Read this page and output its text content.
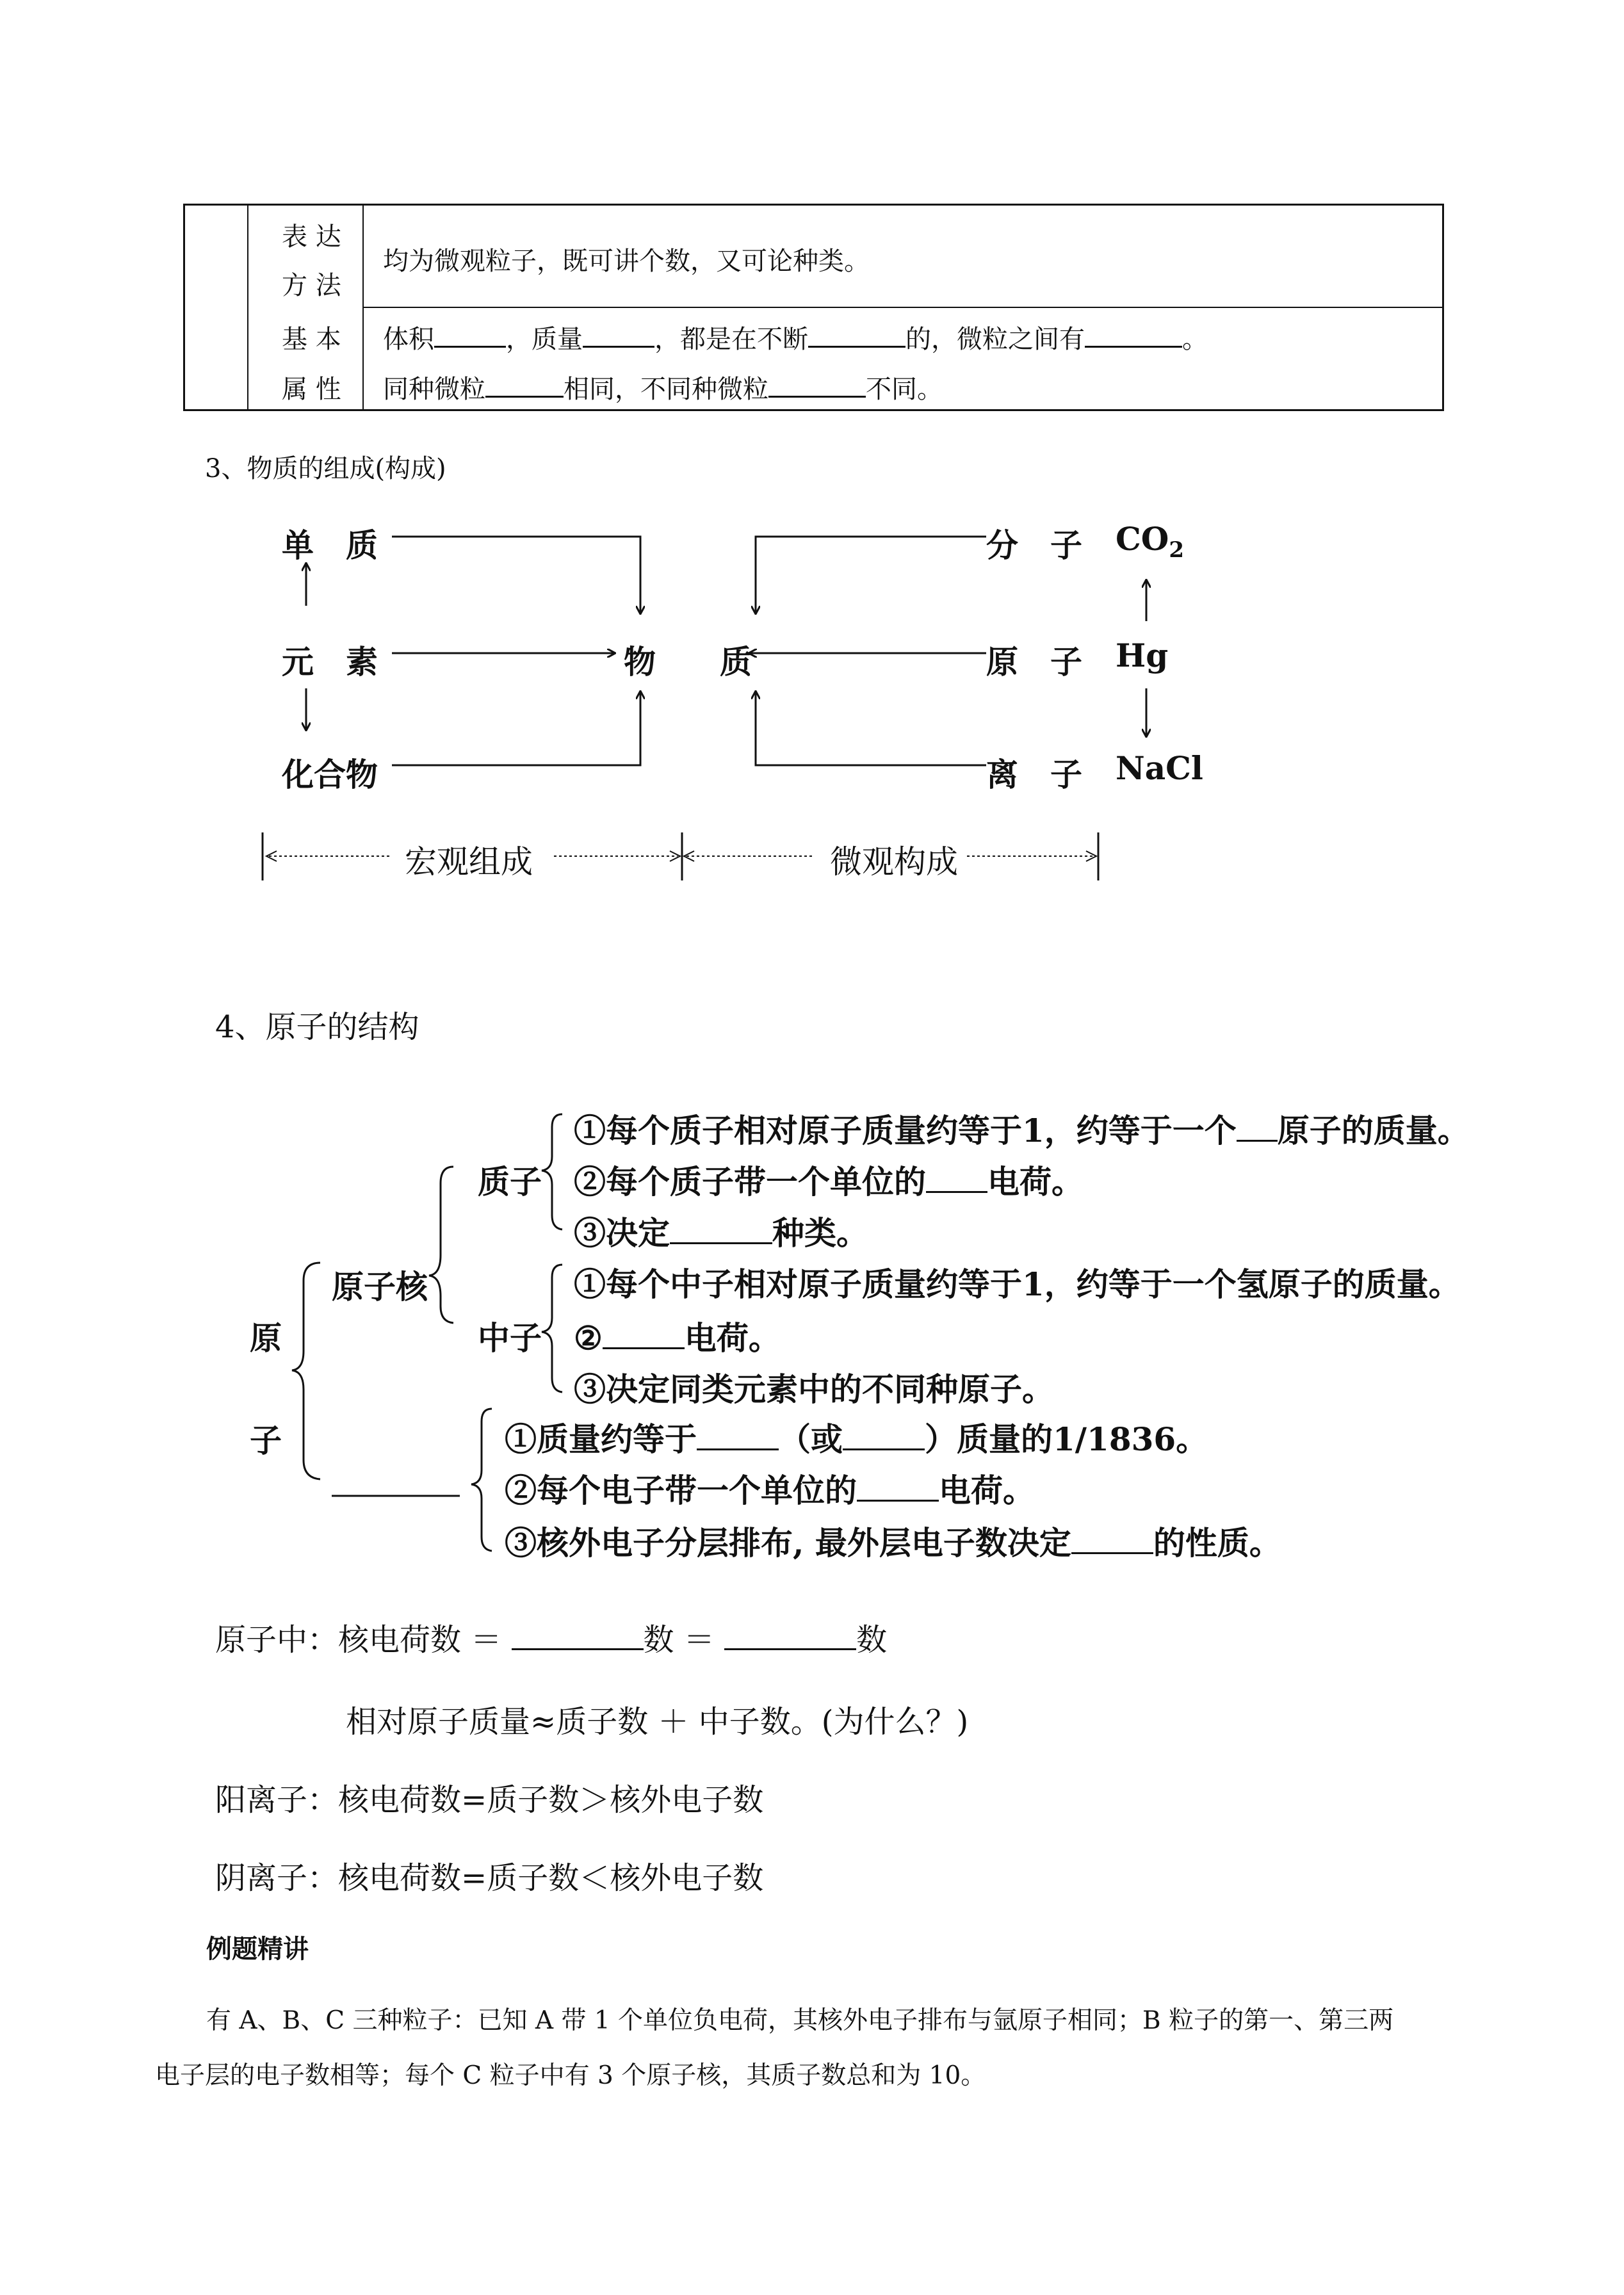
表 达
方 法
均为微观粒子，既可讲个数，又可论种类。
基 本
属 性
体积	，质量	，都是在不断	的，微粒之间有	。
同种微粒	相同，不同种微粒	不同。
3、物质的组成(构成)
单　质
元　素
化合物
物　　质
分　子
原　子
离　子
$CO_2$
Hg
NaCl
宏观组成	微观构成
4、原子的结构
原
子
原子核
质子
中子
①每个质子相对原子质量约等于1，约等于一个 原子的质量。
②每个质子带一个单位的 电荷。
③决定	种类。
①每个中子相对原子质量约等于1，约等于一个氢原子的质量。
②	电荷。
③决定同类元素中的不同种原子。
①质量约等于	（或	）质量的1/1836。
②每个电子带一个单位的	电荷。
③核外电子分层排布, 最外层电子数决定	的性质。
原子中：核电荷数 ＝	数 ＝	数
相对原子质量≈质子数 ＋ 中子数。(为什么？)
阳离子：核电荷数=质子数＞核外电子数
阴离子：核电荷数=质子数＜核外电子数
例题精讲
有 A、B、C 三种粒子：已知 A 带 1 个单位负电荷，其核外电子排布与氩原子相同；B 粒子的第一、第三两
电子层的电子数相等；每个 C 粒子中有 3 个原子核，其质子数总和为 10。
